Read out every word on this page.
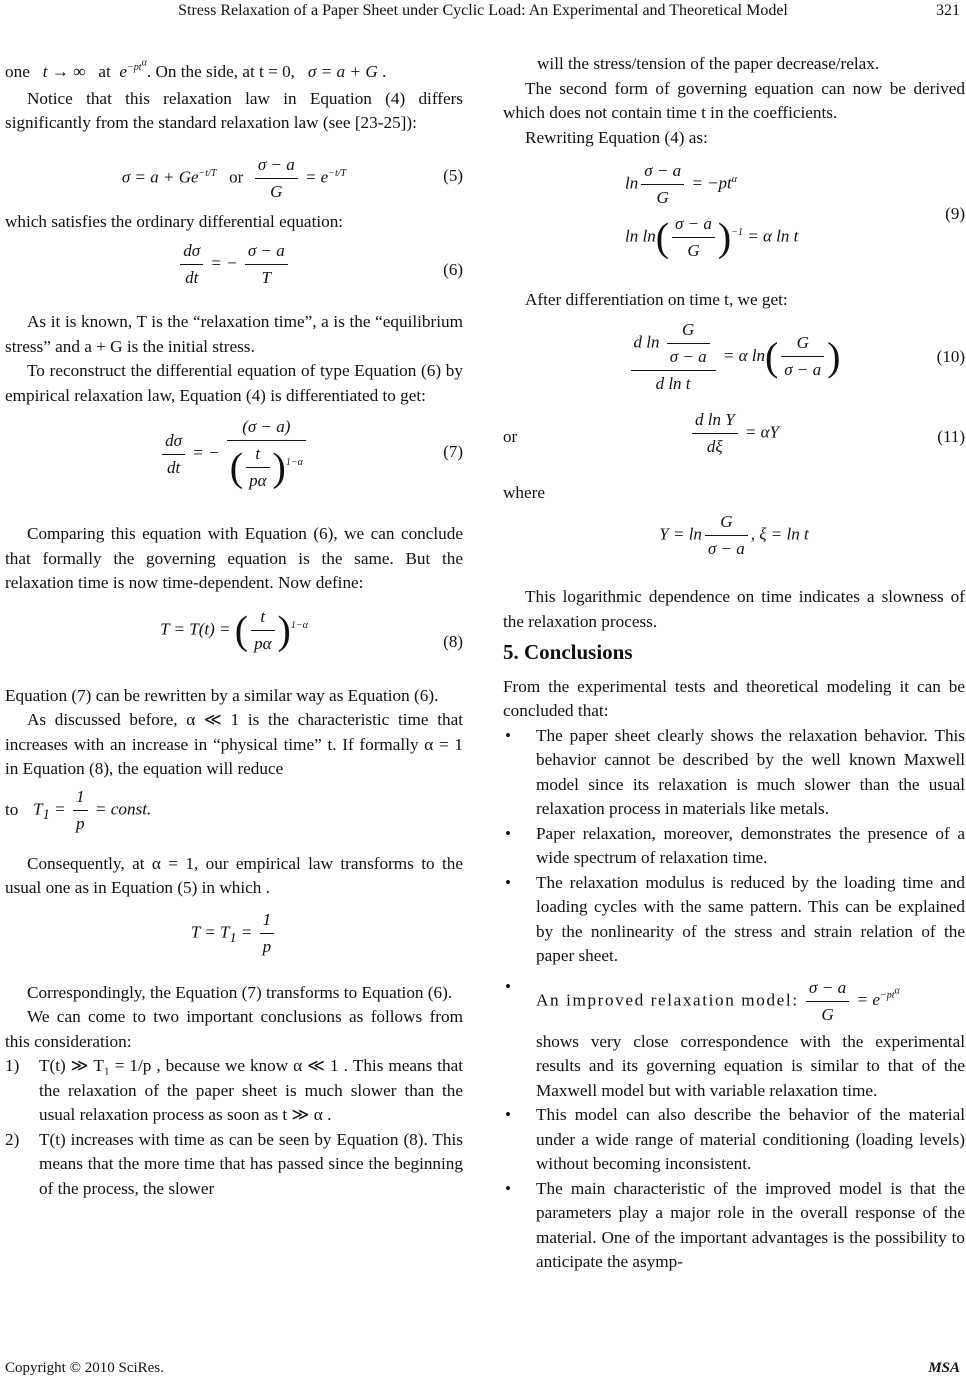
Stress Relaxation of a Paper Sheet under Cyclic Load: An Experimental and Theoretical Model	321

one   t → ∞   at  $e^{-pt^\alpha}$. On the side, at t = 0,   σ = a + G .

Notice that this relaxation law in Equation (4) differs significantly from the standard relaxation law (see [23-25]):

$\sigma = a + Ge^{-t/T}$ or $\frac{\sigma - a}{G} = e^{-t/T}$	(5)

which satisfies the ordinary differential equation:

$\frac{d\sigma}{dt}$ = − $\frac{\sigma - a}{T}$	(6)

As it is known, T is the “relaxation time”, a is the “equilibrium stress” and a + G is the initial stress.

To reconstruct the differential equation of type Equation (6) by empirical relaxation law, Equation (4) is differentiated to get:

$\frac{d\sigma}{dt}$ = − $\frac{(\sigma - a)}{( \frac{t}{p\alpha} )^{1-\alpha}}$	(7)

Comparing this equation with Equation (6), we can conclude that formally the governing equation is the same. But the relaxation time is now time-dependent. Now define:

T = T(t) = ( $\frac{t}{p\alpha} )^{1-\alpha}$
(8)

Equation (7) can be rewritten by a similar way as Equation (6).

As discussed before, α ≪ 1 is the characteristic time that increases with an increase in “physical time” t. If formally α = 1 in Equation (8), the equation will reduce

to $T_1 = \frac{1}{p}$ = const.

Consequently, at α = 1, our empirical law transforms to the usual one as in Equation (5) in which .

$T = T_1 = \frac{1}{p}$

Correspondingly, the Equation (7) transforms to Equation (6).

We can come to two important conclusions as follows from this consideration:

1) T(t) ≫ T₁ = 1/p , because we know α ≪ 1 . This means that the relaxation of the paper sheet is much slower than the usual relaxation process as soon as t ≫ α .
2) T(t) increases with time as can be seen by Equation (8). This means that the more time that has passed since the beginning of the process, the slower

will the stress/tension of the paper decrease/relax.

The second form of governing equation can now be derived which does not contain time t in the coefficients.

Rewriting Equation (4) as:

$\ln \frac{\sigma - a}{G} = -pt^\alpha$
$\ln \ln( \frac{\sigma - a}{G} )^{-1} = \alpha$ ln t
(9)

After differentiation on time t, we get:

$\frac{d \ln \frac{G}{\sigma - a}}{\text{d ln t}} = \alpha$ $\ln( \frac{G}{\sigma - a}$ )	(10)
or	$\frac{\text{d ln Y}}{d\xi} = \alpha Y$	(11)

where

$Y = \ln \frac{G}{\sigma - a}$ , ξ = ln t

This logarithmic dependence on time indicates a slowness of the relaxation process.

5. Conclusions

From the experimental tests and theoretical modeling it can be concluded that:

• The paper sheet clearly shows the relaxation behavior. This behavior cannot be described by the well known Maxwell model since its relaxation is much slower than the usual relaxation process in materials like metals.
• Paper relaxation, moreover, demonstrates the presence of a wide spectrum of relaxation time.
• The relaxation modulus is reduced by the loading time and loading cycles with the same pattern. This can be explained by the nonlinearity of the stress and strain relation of the paper sheet.
• An improved relaxation model: $\frac{\sigma - a}{G} = e^{-pt^\alpha}$
shows very close correspondence with the experimental results and its governing equation is similar to that of the Maxwell model but with variable relaxation time.
• This model can also describe the behavior of the material under a wide range of material conditioning (loading levels) without becoming inconsistent.
• The main characteristic of the improved model is that the parameters play a major role in the overall response of the material. One of the important advantages is the possibility to anticipate the asymp-
Copyright © 2010 SciRes.	MSA
